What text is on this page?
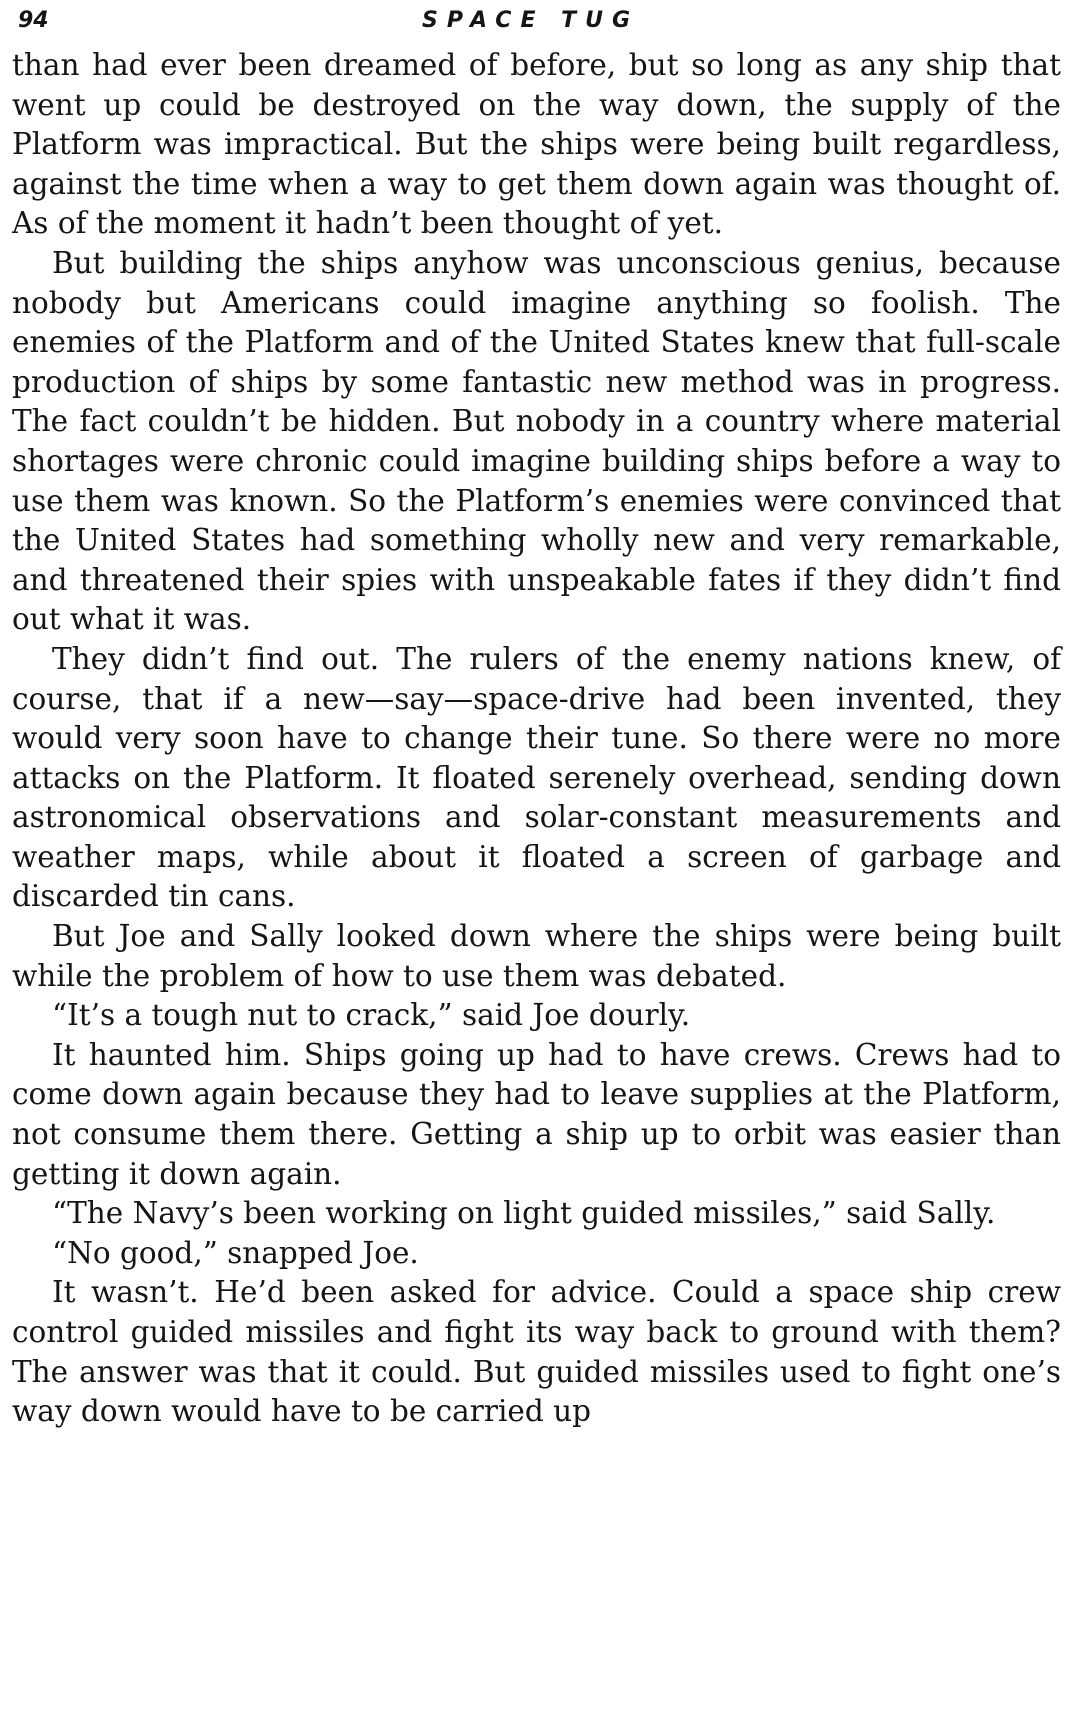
94	SPACE TUG

than had ever been dreamed of before, but so long as any ship that went up could be destroyed on the way down, the supply of the Platform was impractical. But the ships were being built regardless, against the time when a way to get them down again was thought of. As of the moment it hadn’t been thought of yet.

But building the ships anyhow was unconscious genius, because nobody but Americans could imagine anything so foolish. The enemies of the Platform and of the United States knew that full-scale production of ships by some fantastic new method was in progress. The fact couldn’t be hidden. But nobody in a country where material shortages were chronic could imagine building ships before a way to use them was known. So the Platform’s enemies were convinced that the United States had something wholly new and very remarkable, and threatened their spies with unspeakable fates if they didn’t find out what it was.

They didn’t find out. The rulers of the enemy nations knew, of course, that if a new—say—space-drive had been invented, they would very soon have to change their tune. So there were no more attacks on the Platform. It floated serenely overhead, sending down astronomical observations and solar-constant measurements and weather maps, while about it floated a screen of garbage and discarded tin cans.

But Joe and Sally looked down where the ships were being built while the problem of how to use them was debated.

“It’s a tough nut to crack,” said Joe dourly.

It haunted him. Ships going up had to have crews. Crews had to come down again because they had to leave supplies at the Platform, not consume them there. Getting a ship up to orbit was easier than getting it down again.

“The Navy’s been working on light guided missiles,” said Sally.

“No good,” snapped Joe.

It wasn’t. He’d been asked for advice. Could a space ship crew control guided missiles and fight its way back to ground with them? The answer was that it could. But guided missiles used to fight one’s way down would have to be carried up
